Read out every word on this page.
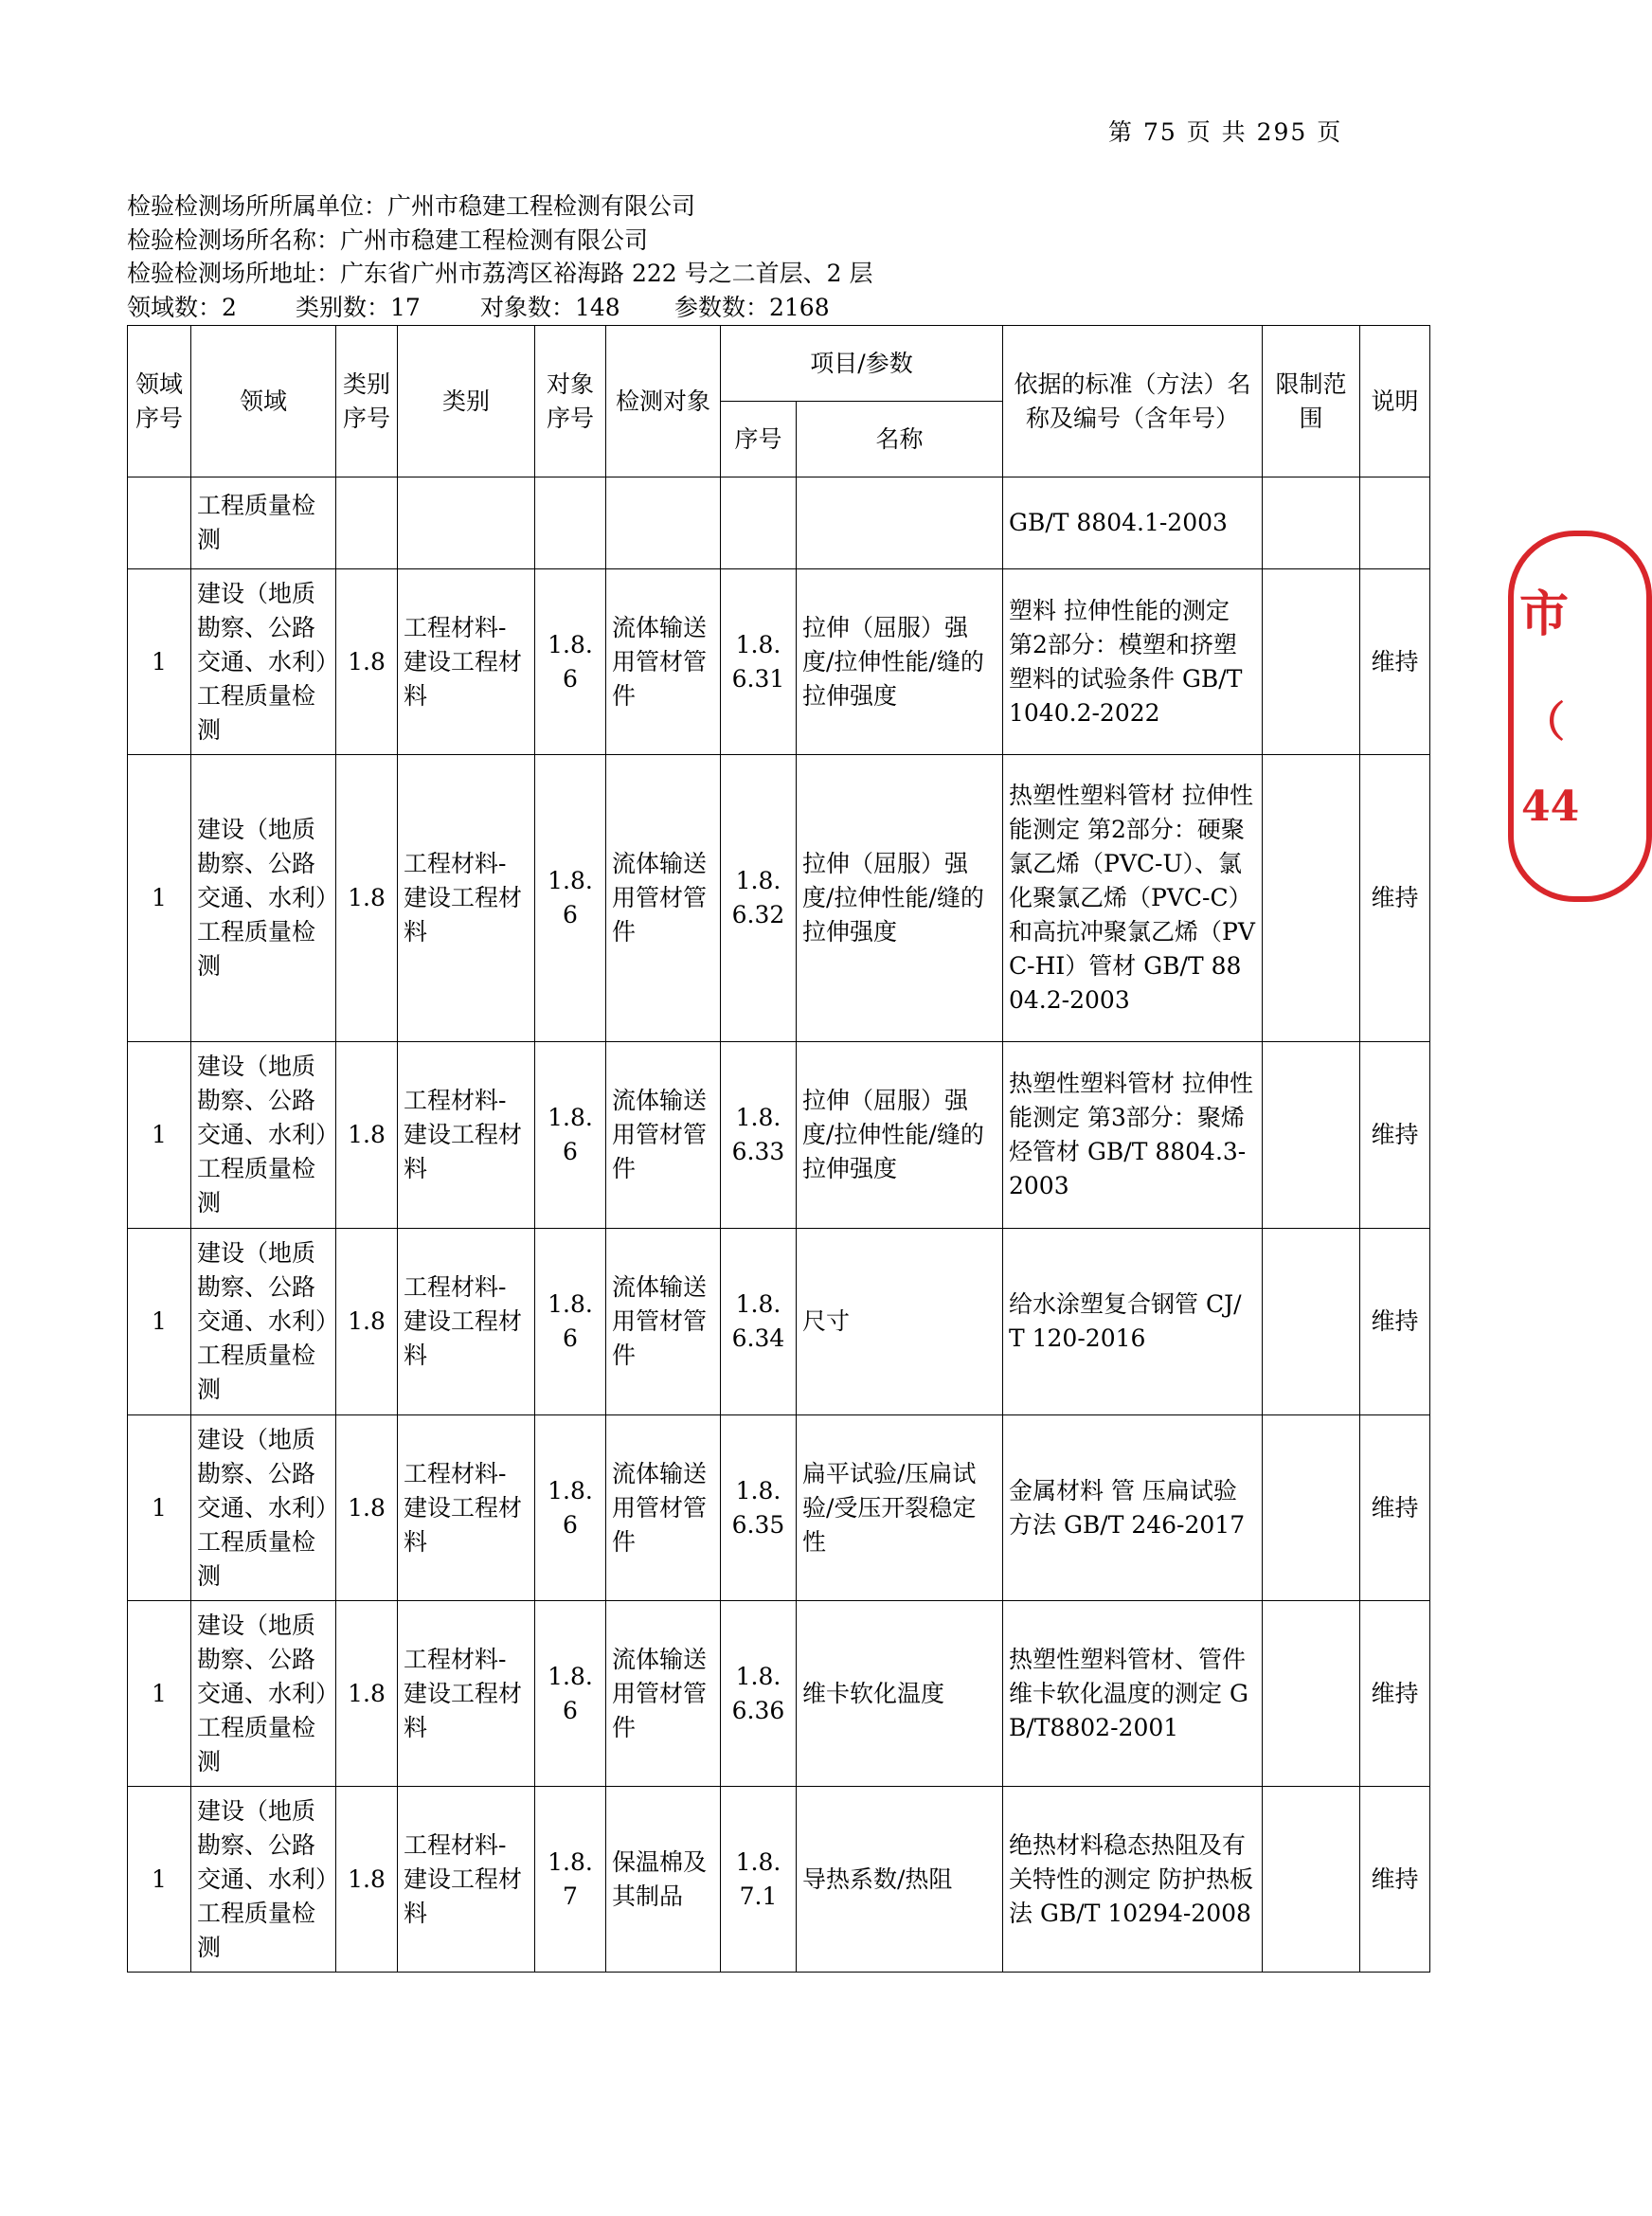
第 75 页 共 295 页
检验检测场所所属单位：广州市稳建工程检测有限公司
检验检测场所名称：广州市稳建工程检测有限公司
检验检测场所地址：广东省广州市荔湾区裕海路 222 号之二首层、2 层
领域数：2 类别数：17	对象数：148 参数数：2168
领域序号	领域	类别序号	类别	对象序号	检测对象	项目/参数		依据的标准（方法）名称及编号（含年号）	限制范围	说明
						序号	名称			
	工程质量检测							GB/T 8804.1-2003		
1	建设（地质勘察、公路交通、水利）工程质量检测	1.8	工程材料-建设工程材料	1.8.6	流体输送用管材管件	1.8.6.31	拉伸（屈服）强度/拉伸性能/缝的拉伸强度	塑料 拉伸性能的测定 第2部分：模塑和挤塑塑料的试验条件 GB/T 1040.2-2022		维持
1	建设（地质勘察、公路交通、水利）工程质量检测	1.8	工程材料-建设工程材料	1.8.6	流体输送用管材管件	1.8.6.32	拉伸（屈服）强度/拉伸性能/缝的拉伸强度	热塑性塑料管材 拉伸性能测定 第2部分：硬聚氯乙烯（PVC-U）、氯化聚氯乙烯（PVC-C）和高抗冲聚氯乙烯（PVC-HI）管材 GB/T 8804.2-2003		维持
1	建设（地质勘察、公路交通、水利）工程质量检测	1.8	工程材料-建设工程材料	1.8.6	流体输送用管材管件	1.8.6.33	拉伸（屈服）强度/拉伸性能/缝的拉伸强度	热塑性塑料管材 拉伸性能测定 第3部分：聚烯烃管材 GB/T 8804.3-2003		维持
1	建设（地质勘察、公路交通、水利）工程质量检测	1.8	工程材料-建设工程材料	1.8.6	流体输送用管材管件	1.8.6.34	尺寸	给水涂塑复合钢管 CJ/T 120-2016		维持
1	建设（地质勘察、公路交通、水利）工程质量检测	1.8	工程材料-建设工程材料	1.8.6	流体输送用管材管件	1.8.6.35	扁平试验/压扁试验/受压开裂稳定性	金属材料 管 压扁试验方法 GB/T 246-2017		维持
1	建设（地质勘察、公路交通、水利）工程质量检测	1.8	工程材料-建设工程材料	1.8.6	流体输送用管材管件	1.8.6.36	维卡软化温度	热塑性塑料管材、管件维卡软化温度的测定 GB/T8802-2001		维持
1	建设（地质勘察、公路交通、水利）工程质量检测	1.8	工程材料-建设工程材料	1.8.7	保温棉及其制品	1.8.7.1	导热系数/热阻	绝热材料稳态热阻及有关特性的测定 防护热板法 GB/T 10294-2008		维持
市
（
44
